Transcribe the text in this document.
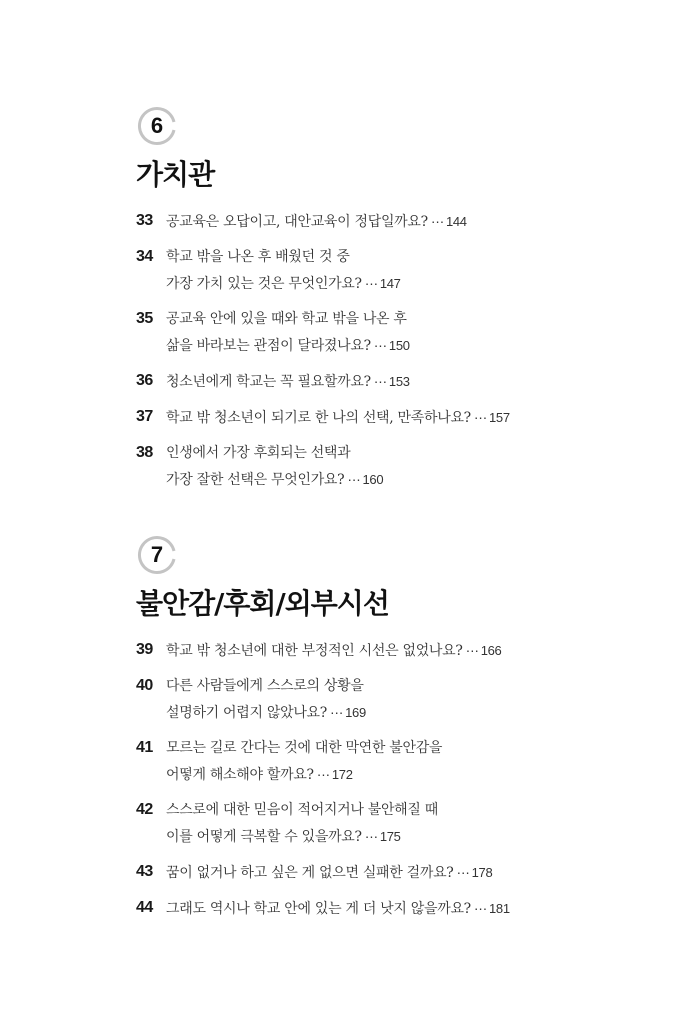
6
가치관
33 공교육은 오답이고, 대안교육이 정답일까요? ··· 144
34 학교 밖을 나온 후 배웠던 것 중
가장 가치 있는 것은 무엇인가요? ··· 147
35 공교육 안에 있을 때와 학교 밖을 나온 후
삶을 바라보는 관점이 달라졌나요? ··· 150
36 청소년에게 학교는 꼭 필요할까요? ··· 153
37 학교 밖 청소년이 되기로 한 나의 선택, 만족하나요? ··· 157
38 인생에서 가장 후회되는 선택과
가장 잘한 선택은 무엇인가요? ··· 160
7
불안감/후회/외부시선
39 학교 밖 청소년에 대한 부정적인 시선은 없었나요? ··· 166
40 다른 사람들에게 스스로의 상황을
설명하기 어렵지 않았나요? ··· 169
41 모르는 길로 간다는 것에 대한 막연한 불안감을
어떻게 해소해야 할까요? ··· 172
42 스스로에 대한 믿음이 적어지거나 불안해질 때
이를 어떻게 극복할 수 있을까요? ··· 175
43 꿈이 없거나 하고 싶은 게 없으면 실패한 걸까요? ··· 178
44 그래도 역시나 학교 안에 있는 게 더 낫지 않을까요? ··· 181
